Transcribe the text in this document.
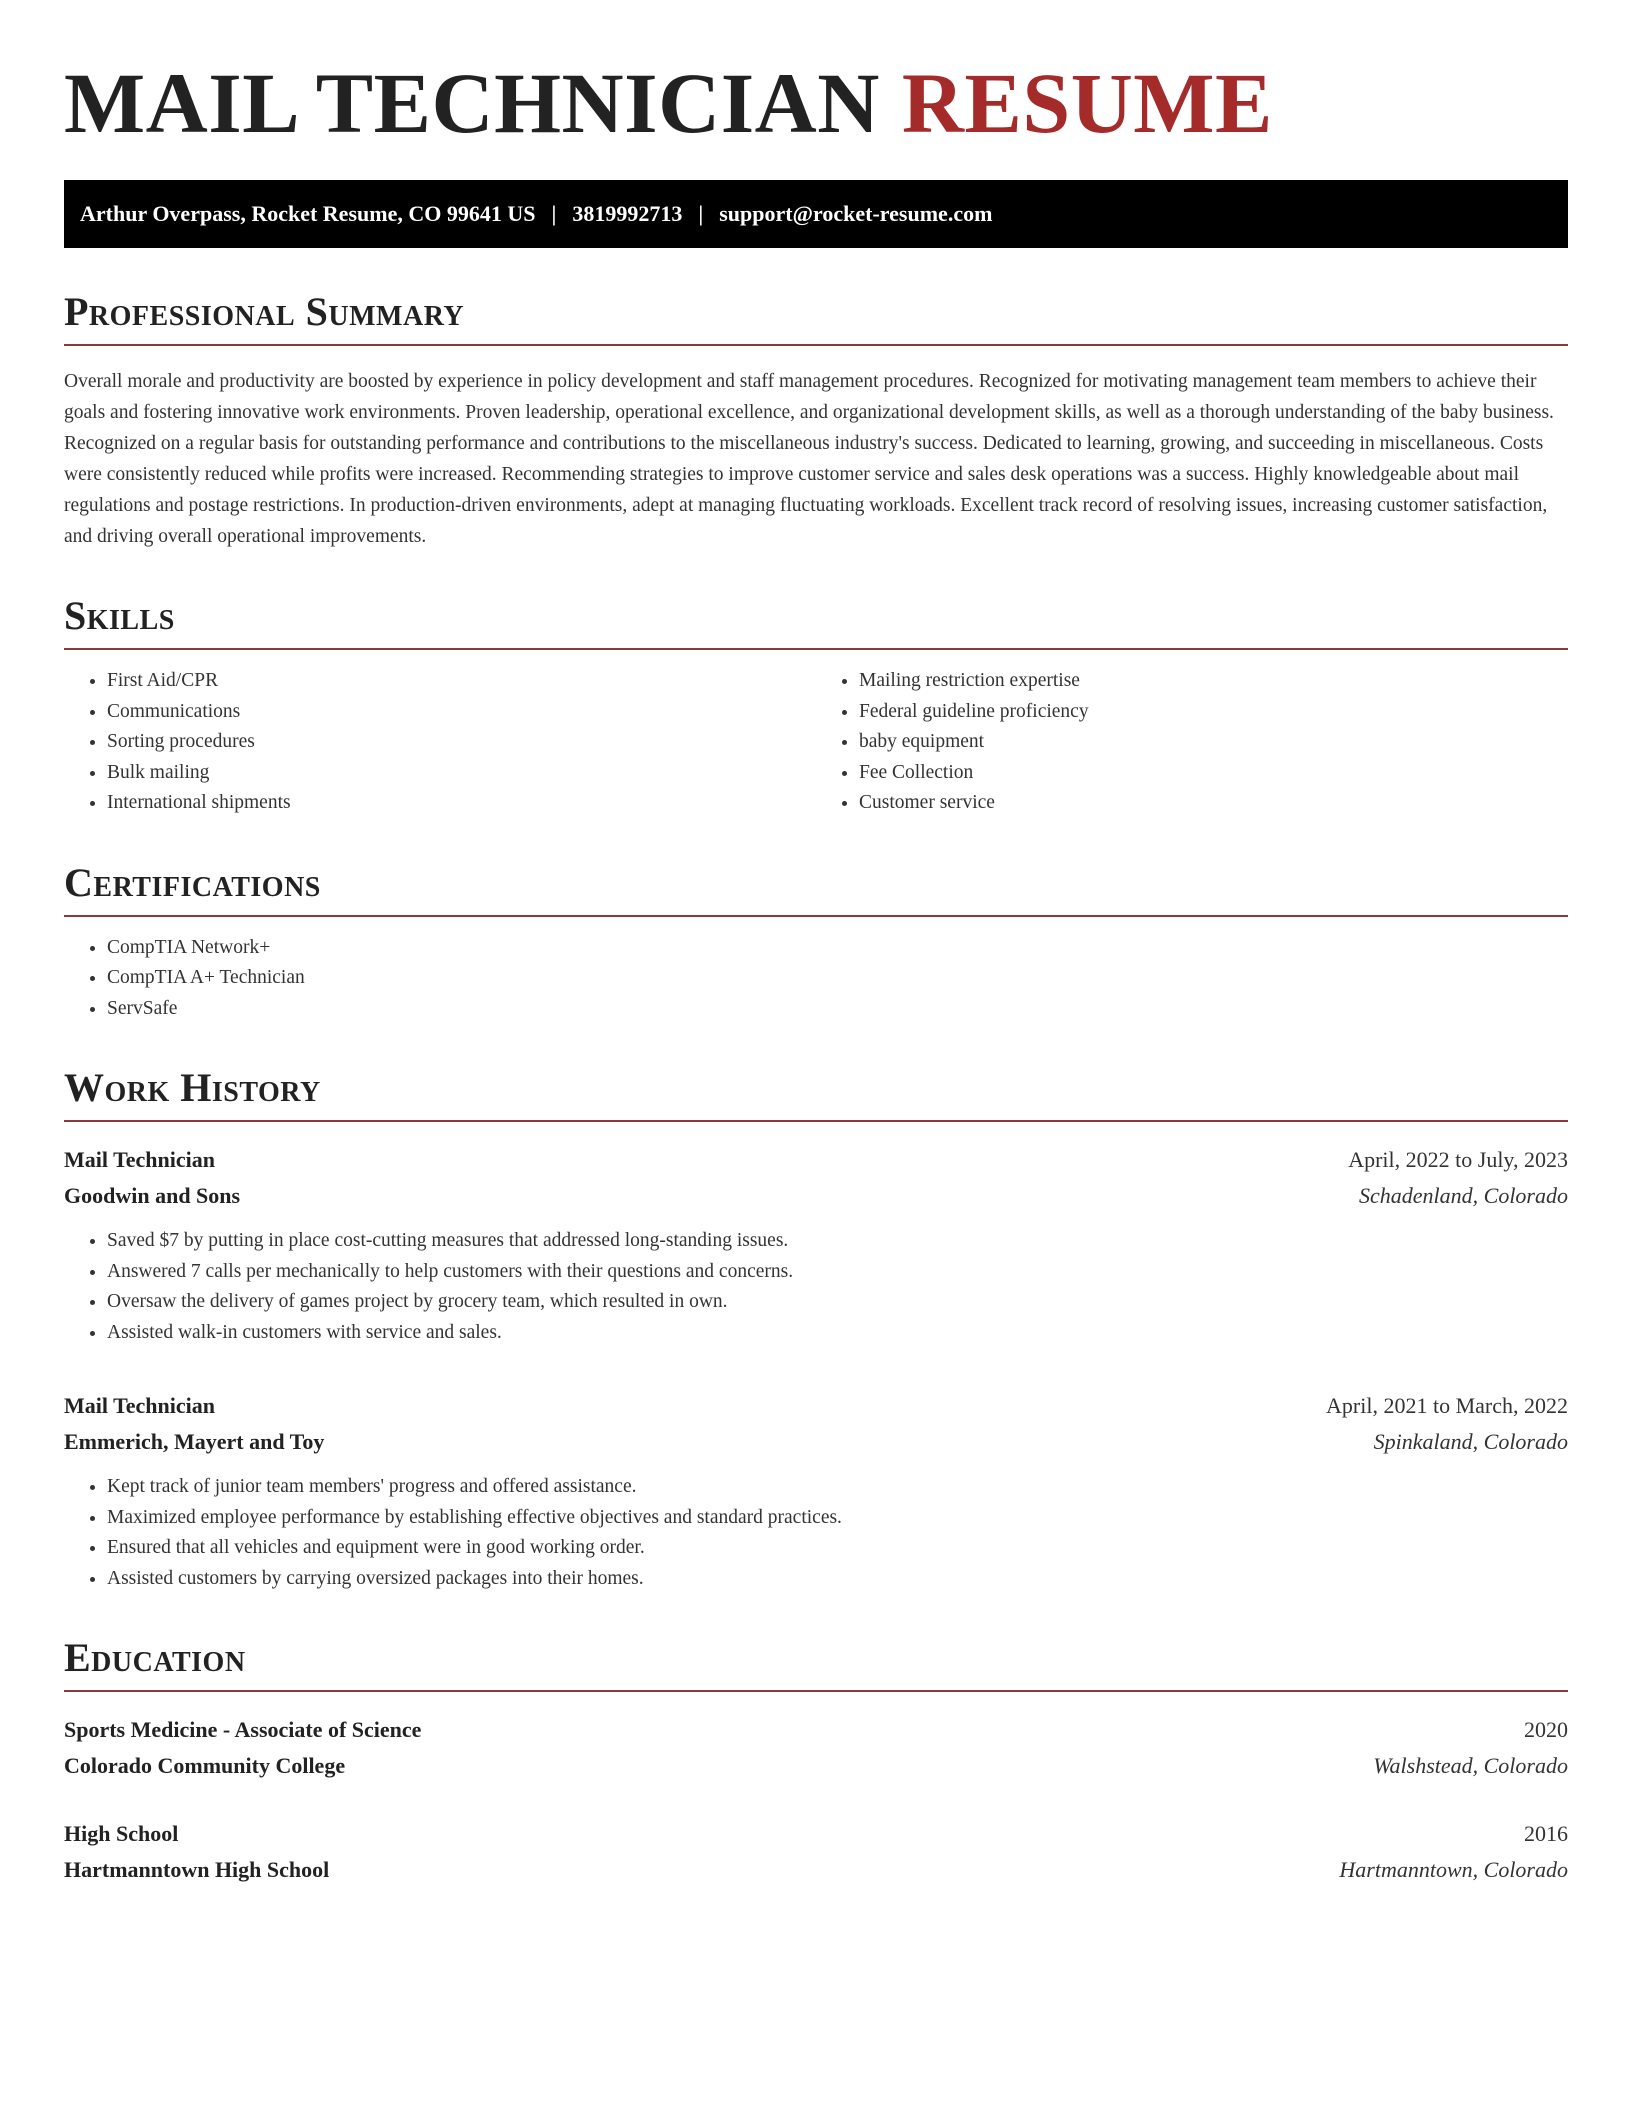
MAIL TECHNICIAN RESUME
Arthur Overpass, Rocket Resume, CO 99641 US | 3819992713 | support@rocket-resume.com
Professional Summary

Overall morale and productivity are boosted by experience in policy development and staff management procedures. Recognized for motivating management team members to achieve their goals and fostering innovative work environments. Proven leadership, operational excellence, and organizational development skills, as well as a thorough understanding of the baby business. Recognized on a regular basis for outstanding performance and contributions to the miscellaneous industry's success. Dedicated to learning, growing, and succeeding in miscellaneous. Costs were consistently reduced while profits were increased. Recommending strategies to improve customer service and sales desk operations was a success. Highly knowledgeable about mail regulations and postage restrictions. In production-driven environments, adept at managing fluctuating workloads. Excellent track record of resolving issues, increasing customer satisfaction, and driving overall operational improvements.

Skills
• First Aid/CPR
• Communications
• Sorting procedures
• Bulk mailing
• International shipments
• Mailing restriction expertise
• Federal guideline proficiency
• baby equipment
• Fee Collection
• Customer service
Certifications
• CompTIA Network+
• CompTIA A+ Technician
• ServSafe
Work History
Mail Technician	April, 2022 to July, 2023
Goodwin and Sons	Schadenland, Colorado
• Saved $7 by putting in place cost-cutting measures that addressed long-standing issues.
• Answered 7 calls per mechanically to help customers with their questions and concerns.
• Oversaw the delivery of games project by grocery team, which resulted in own.
• Assisted walk-in customers with service and sales.
Mail Technician	April, 2021 to March, 2022
Emmerich, Mayert and Toy	Spinkaland, Colorado
• Kept track of junior team members' progress and offered assistance.
• Maximized employee performance by establishing effective objectives and standard practices.
• Ensured that all vehicles and equipment were in good working order.
• Assisted customers by carrying oversized packages into their homes.
Education
Sports Medicine - Associate of Science	2020
Colorado Community College	Walshstead, Colorado
High School	2016
Hartmanntown High School	Hartmanntown, Colorado
